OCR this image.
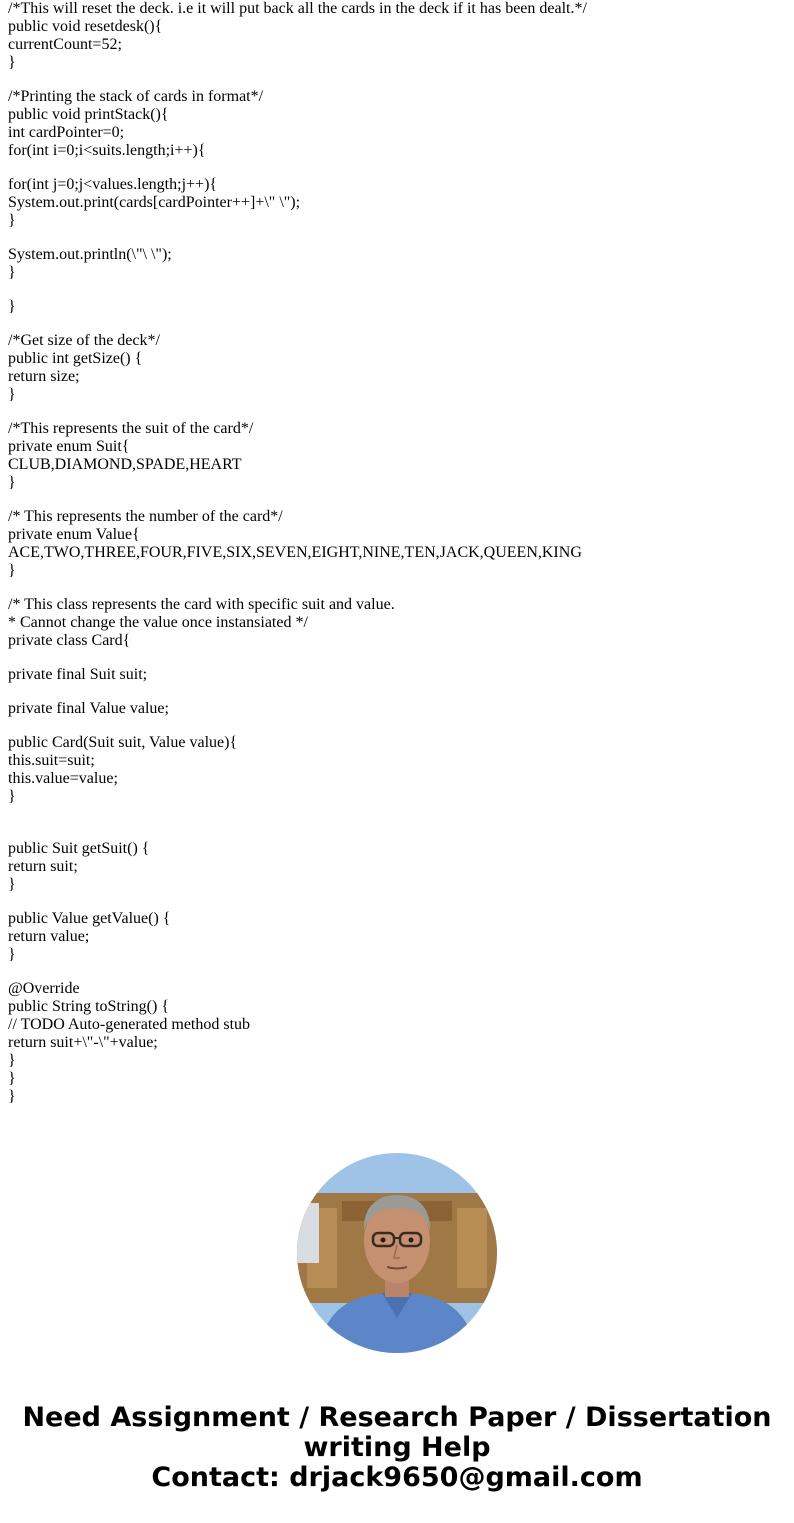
/*This will reset the deck. i.e it will put back all the cards in the deck if it has been dealt.*/
public void resetdesk(){
currentCount=52;
}
/*Printing the stack of cards in format*/
public void printStack(){
int cardPointer=0;
for(int i=0;i<suits.length;i++){
for(int j=0;j<values.length;j++){
System.out.print(cards[cardPointer++]+\" \");
}
System.out.println(\"\ \");
}
}
/*Get size of the deck*/
public int getSize() {
return size;
}
/*This represents the suit of the card*/
private enum Suit{
CLUB,DIAMOND,SPADE,HEART
}
/* This represents the number of the card*/
private enum Value{
ACE,TWO,THREE,FOUR,FIVE,SIX,SEVEN,EIGHT,NINE,TEN,JACK,QUEEN,KING
}
/* This class represents the card with specific suit and value.
* Cannot change the value once instansiated */
private class Card{
private final Suit suit;
private final Value value;
public Card(Suit suit, Value value){
this.suit=suit;
this.value=value;
}
public Suit getSuit() {
return suit;
}
public Value getValue() {
return value;
}
@Override
public String toString() {
// TODO Auto-generated method stub
return suit+\"-\"+value;
}
}
}
Need Assignment / Research Paper / Dissertation
writing Help
Contact: drjack9650@gmail.com
